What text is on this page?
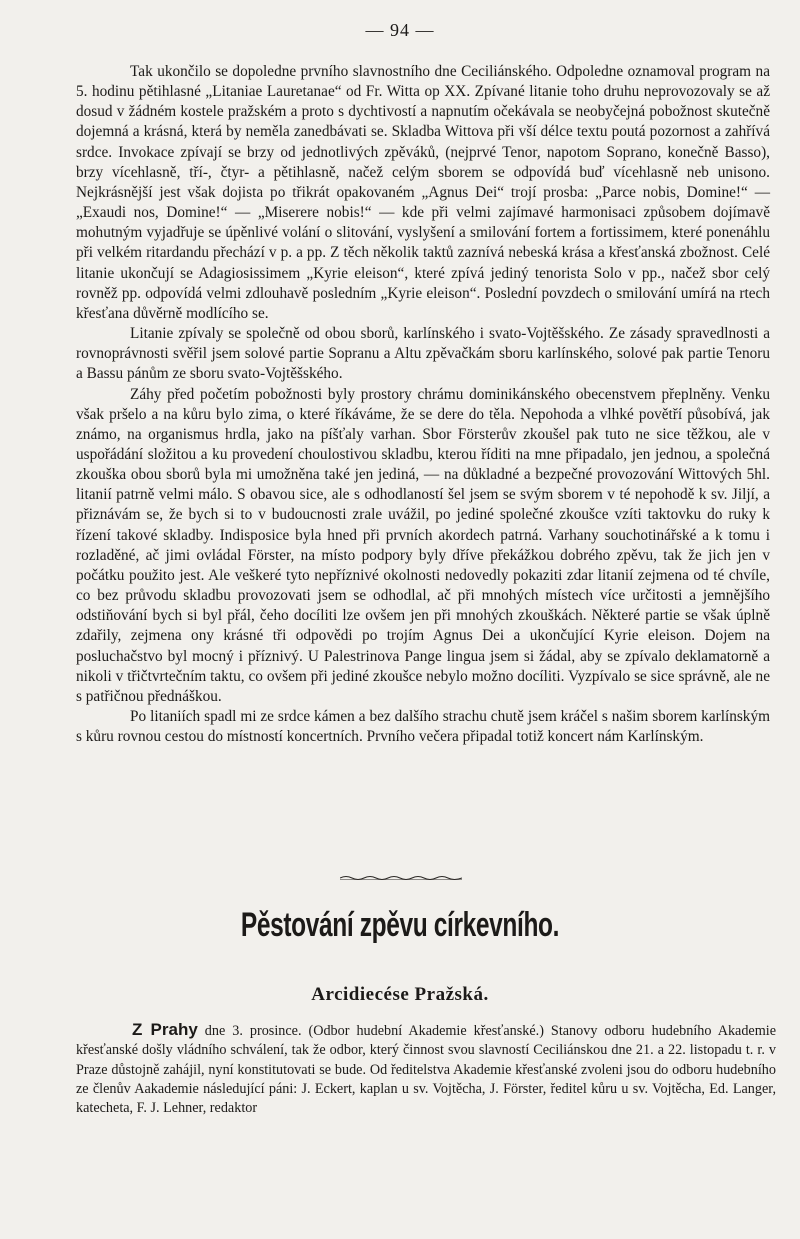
— 94 —

Tak ukončilo se dopoledne prvního slavnostního dne Ceciliánského. Odpoledne oznamoval program na 5. hodinu pětihlasné „Litaniae Lauretanae“ od Fr. Witta op XX. Zpívané litanie toho druhu neprovozovaly se až dosud v žádném kostele pražském a proto s dychtivostí a napnutím očekávala se neobyčejná pobožnost skutečně dojemná a krásná, která by neměla zanedbávati se. Skladba Wittova při vší délce textu poutá pozornost a zahřívá srdce. Invokace zpívají se brzy od jednotlivých zpěváků, (nejprvé Tenor, napotom Soprano, konečně Basso), brzy vícehlasně, tří-, čtyr- a pětihlasně, načež celým sborem se odpovídá buď vícehlasně neb unisono. Nejkrásnější jest však dojista po třikrát opakovaném „Agnus Dei“ trojí prosba: „Parce nobis, Domine!“ — „Exaudi nos, Domine!“ — „Miserere nobis!“ — kde při velmi zajímavé harmonisaci způsobem dojímavě mohutným vyjadřuje se úpěnlivé volání o slitování, vyslyšení a smilování fortem a fortissimem, které ponenáhlu při velkém ritardandu přechází v p. a pp. Z těch několik taktů zaznívá nebeská krása a křesťanská zbožnost. Celé litanie ukončují se Adagiosissimem „Kyrie eleison“, které zpívá jediný tenorista Solo v pp., načež sbor celý rovněž pp. odpovídá velmi zdlouhavě posledním „Kyrie eleison“. Poslední povzdech o smilování umírá na rtech křesťana důvěrně modlícího se.

Litanie zpívaly se společně od obou sborů, karlínského i svato-Vojtěšského. Ze zásady spravedlnosti a rovnoprávnosti svěřil jsem solové partie Sopranu a Altu zpěvačkám sboru karlínského, solové pak partie Tenoru a Bassu pánům ze sboru svato-Vojtěšského.

Záhy před početím pobožnosti byly prostory chrámu dominikánského obecenstvem přeplněny. Venku však pršelo a na kůru bylo zima, o které říkáváme, že se dere do těla. Nepohoda a vlhké povětří působívá, jak známo, na organismus hrdla, jako na píšťaly varhan. Sbor Försterův zkoušel pak tuto ne sice těžkou, ale v uspořádání složitou a ku provedení choulostivou skladbu, kterou říditi na mne připadalo, jen jednou, a společná zkouška obou sborů byla mi umožněna také jen jediná, — na důkladné a bezpečné provozování Wittových 5hl. litanií patrně velmi málo. S obavou sice, ale s odhodlaností šel jsem se svým sborem v té nepohodě k sv. Jiljí, a přiznávám se, že bych si to v budoucnosti zrale uvážil, po jediné společné zkoušce vzíti taktovku do ruky k řízení takové skladby. Indisposice byla hned při prvních akordech patrná. Varhany souchotinářské a k tomu i rozladěné, ač jimi ovládal Förster, na místo podpory byly dříve překážkou dobrého zpěvu, tak že jich jen v počátku použito jest. Ale veškeré tyto nepříznivé okolnosti nedovedly pokaziti zdar litanií zejmena od té chvíle, co bez průvodu skladbu provozovati jsem se odhodlal, ač při mnohých místech více určitosti a jemnějšího odstiňování bych si byl přál, čeho docíliti lze ovšem jen při mnohých zkouškách. Některé partie se však úplně zdařily, zejmena ony krásné tři odpovědi po trojím Agnus Dei a ukončující Kyrie eleison. Dojem na posluchačstvo byl mocný i příznivý. U Palestrinova Pange lingua jsem si žádal, aby se zpívalo deklamatorně a nikoli v třičtvrtečním taktu, co ovšem při jediné zkoušce nebylo možno docíliti. Vyzpívalo se sice správně, ale ne s patřičnou přednáškou.

Po litaniích spadl mi ze srdce kámen a bez dalšího strachu chutě jsem kráčel s našim sborem karlínským s kůru rovnou cestou do místností koncertních. Prvního večera připadal totiž koncert nám Karlínským.

Pěstování zpěvu církevního.
Arcidiecése Pražská.

Z Prahy dne 3. prosince. (Odbor hudební Akademie křesťanské.) Stanovy odboru hudebního Akademie křesťanské došly vládního schválení, tak že odbor, který činnost svou slavností Ceciliánskou dne 21. a 22. listopadu t. r. v Praze důstojně zahájil, nyní konstitutovati se bude. Od ředitelstva Akademie křesťanské zvoleni jsou do odboru hudebního ze členův Aakademie následující páni: J. Eckert, kaplan u sv. Vojtěcha, J. Förster, ředitel kůru u sv. Vojtěcha, Ed. Langer, katecheta, F. J. Lehner, redaktor
